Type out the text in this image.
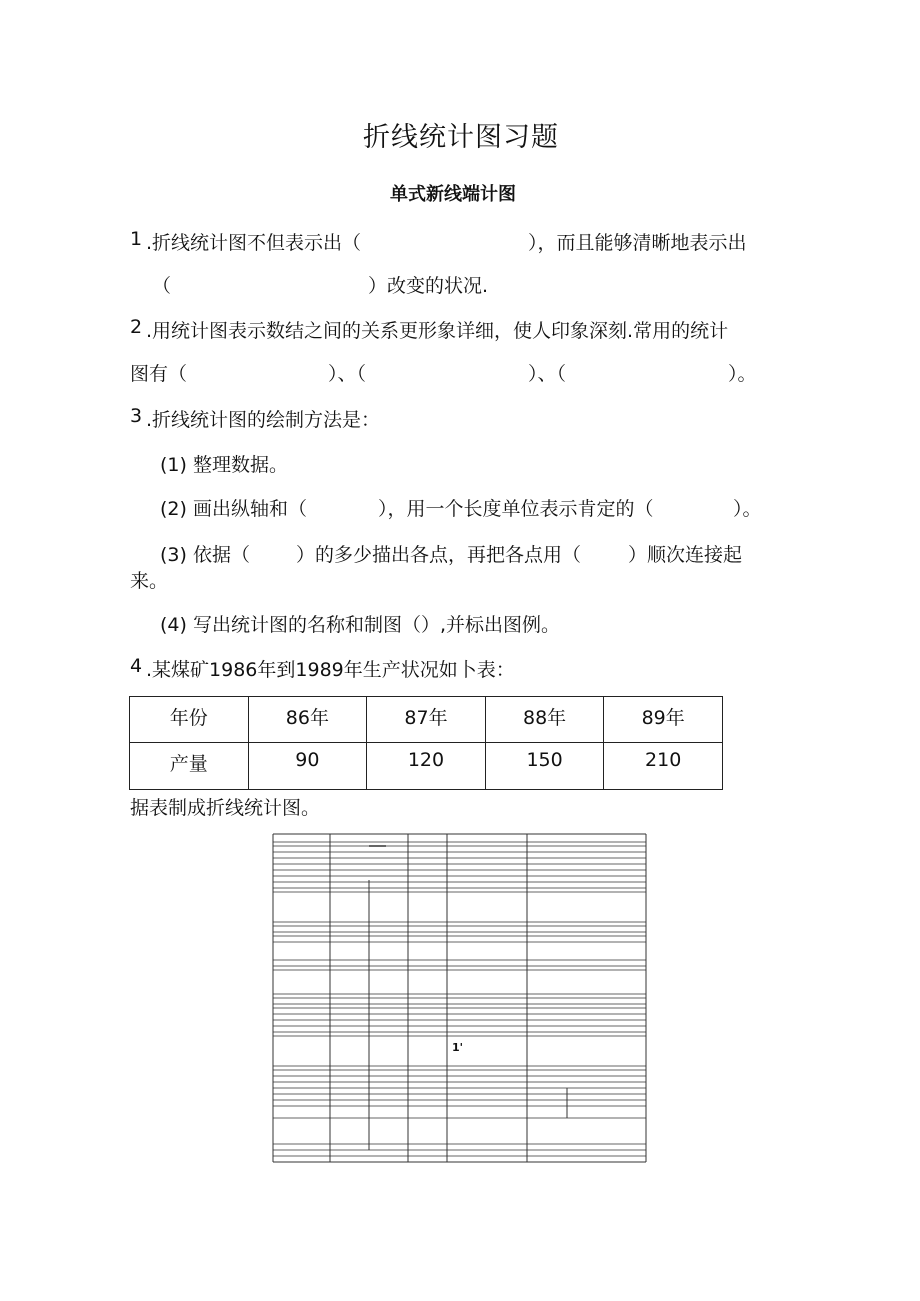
折线统计图习题
单式新线端计图
1 .折线统计图不但表示出（	），而且能够清晰地表示出
（	）改变的状况.
2 .用统计图表示数结之间的关系更形象详细，使人印象深刻.常用的统计
图有（	）、（	）、（	）。
3 .折线统计图的绘制方法是：
(1) 整理数据。
(2) 画出纵轴和（	），用一个长度单位表示肯定的（	）。
(3) 依据（ ）的多少描出各点，再把各点用（ ）顺次连接起
来。
(4) 写出统计图的名称和制图（）,并标出图例。
4 .某煤矿1986年到1989年生产状况如卜表：
年份	86年	87年	88年	89年
产量	90	120	150	210
据表制成折线统计图。
1'
